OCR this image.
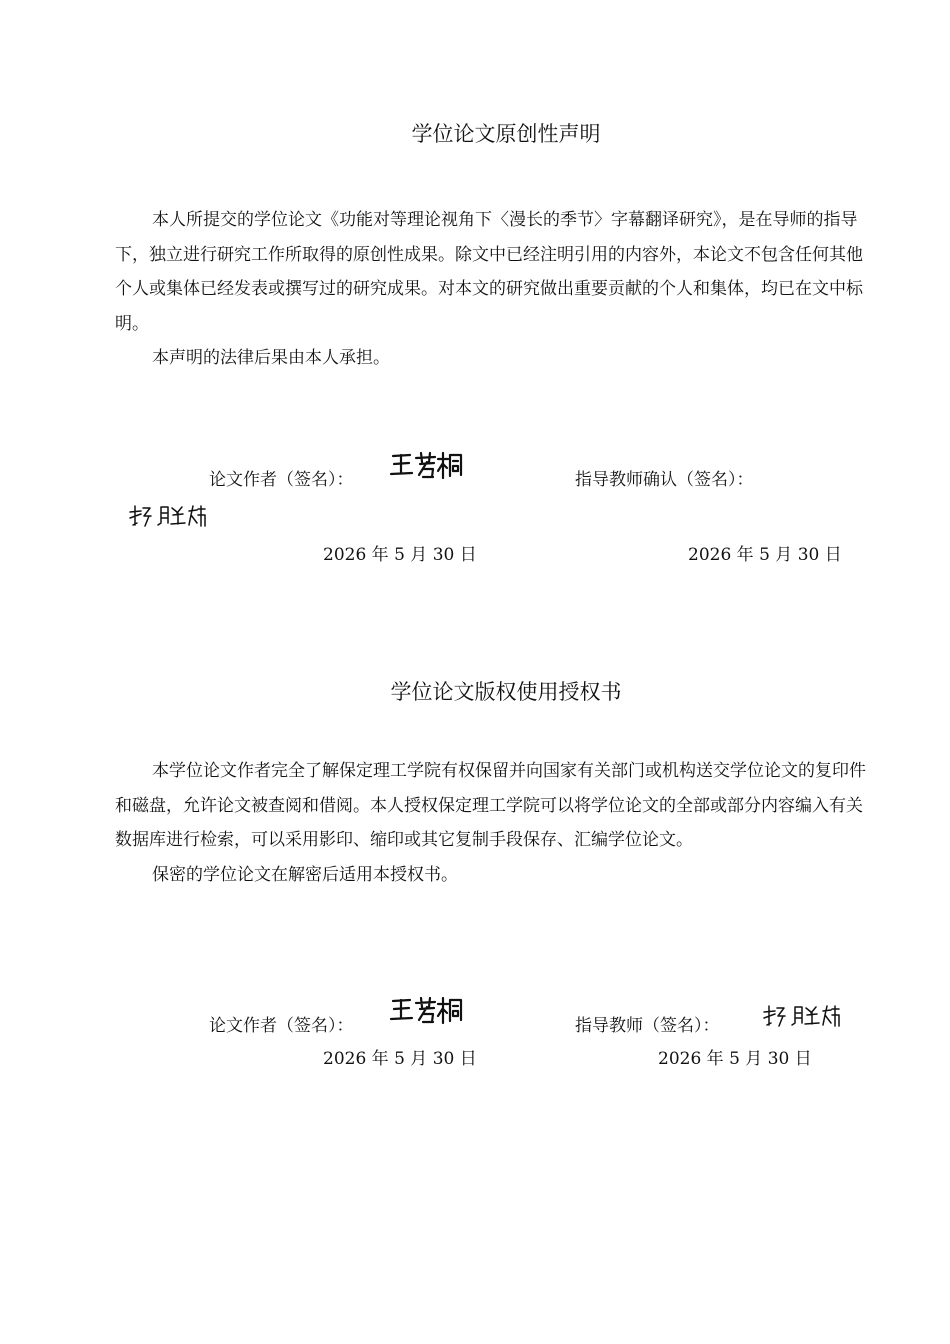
学位论文原创性声明

本人所提交的学位论文《功能对等理论视角下〈漫长的季节〉字幕翻译研究》，是在导师的指导下，独立进行研究工作所取得的原创性成果。除文中已经注明引用的内容外，本论文不包含任何其他个人或集体已经发表或撰写过的研究成果。对本文的研究做出重要贡献的个人和集体，均已在文中标明。

本声明的法律后果由本人承担。

论文作者（签名）：	指导教师确认（签名）：
2026 年 5 月 30 日	2026 年 5 月 30 日
学位论文版权使用授权书

本学位论文作者完全了解保定理工学院有权保留并向国家有关部门或机构送交学位论文的复印件和磁盘，允许论文被查阅和借阅。本人授权保定理工学院可以将学位论文的全部或部分内容编入有关数据库进行检索，可以采用影印、缩印或其它复制手段保存、汇编学位论文。

保密的学位论文在解密后适用本授权书。

论文作者（签名）：	指导教师（签名）：
2026 年 5 月 30 日	2026 年 5 月 30 日
